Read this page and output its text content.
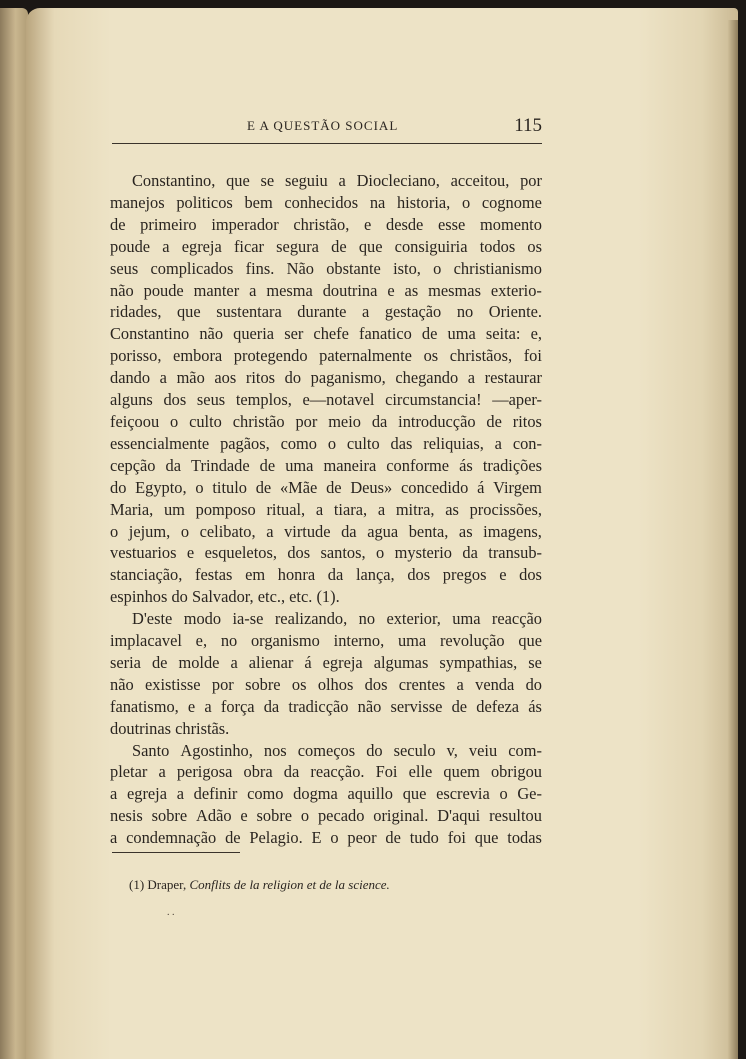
E A QUESTÃO SOCIAL	115
Constantino, que se seguiu a Diocleciano, acceitou, por
manejos politicos bem conhecidos na historia, o cognome
de primeiro imperador christão, e desde esse momento
poude a egreja ficar segura de que consiguiria todos os
seus complicados fins. Não obstante isto, o christianismo
não poude manter a mesma doutrina e as mesmas exterio-
ridades, que sustentara durante a gestação no Oriente.
Constantino não queria ser chefe fanatico de uma seita: e,
porisso, embora protegendo paternalmente os christãos, foi
dando a mão aos ritos do paganismo, chegando a restaurar
alguns dos seus templos, e—notavel circumstancia! —aper-
feiçoou o culto christão por meio da introducção de ritos
essencialmente pagãos, como o culto das reliquias, a con-
cepção da Trindade de uma maneira conforme ás tradições
do Egypto, o titulo de «Mãe de Deus» concedido á Virgem
Maria, um pomposo ritual, a tiara, a mitra, as procissões,
o jejum, o celibato, a virtude da agua benta, as imagens,
vestuarios e esqueletos, dos santos, o mysterio da transub-
stanciação, festas em honra da lança, dos pregos e dos
espinhos do Salvador, etc., etc. (1).
D'este modo ia-se realizando, no exterior, uma reacção
implacavel e, no organismo interno, uma revolução que
seria de molde a alienar á egreja algumas sympathias, se
não existisse por sobre os olhos dos crentes a venda do
fanatismo, e a força da tradicção não servisse de defeza ás
doutrinas christãs.
Santo Agostinho, nos começos do seculo v, veiu com-
pletar a perigosa obra da reacção. Foi elle quem obrigou
a egreja a definir como dogma aquillo que escrevia o Ge-
nesis sobre Adão e sobre o pecado original. D'aqui resultou
a condemnação de Pelagio. E o peor de tudo foi que todas
(1) Draper, Conflits de la religion et de la science.
. .
